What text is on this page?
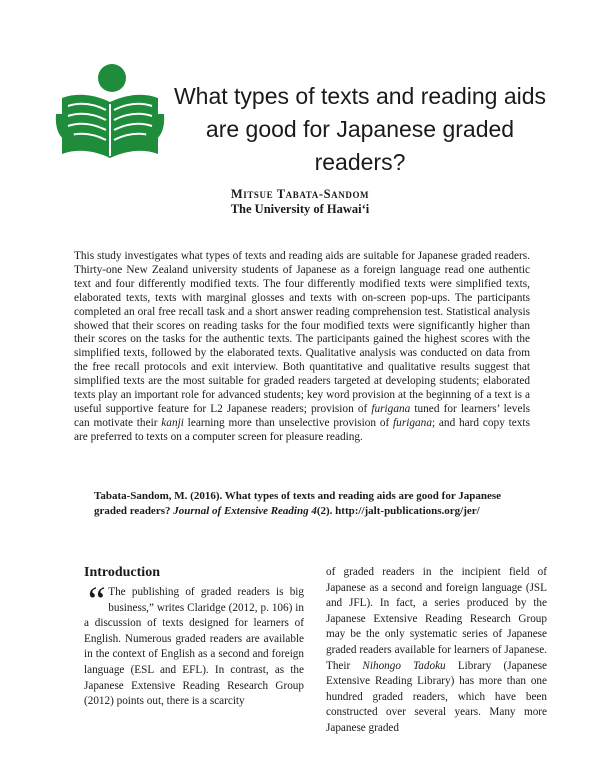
What types of texts and reading aids
are good for Japanese graded readers?
Mitsue Tabata-Sandom
The University of Hawai‘i
This study investigates what types of texts and reading aids are suitable for Japanese graded readers. Thirty-one New Zealand university students of Japanese as a foreign language read one authentic text and four differently modified texts. The four differently modified texts were simplified texts, elaborated texts, texts with marginal glosses and texts with on-screen pop-ups. The participants completed an oral free recall task and a short answer reading comprehension test. Statistical analysis showed that their scores on reading tasks for the four modified texts were significantly higher than their scores on the tasks for the authentic texts. The participants gained the highest scores with the simplified texts, followed by the elaborated texts. Qualitative analysis was conducted on data from the free recall protocols and exit interview. Both quantitative and qualitative results suggest that simplified texts are the most suitable for graded readers targeted at developing students; elaborated texts play an important role for advanced students; key word provision at the beginning of a text is a useful supportive feature for L2 Japanese readers; provision of furigana tuned for learners’ levels can motivate their kanji learning more than unselective provision of furigana; and hard copy texts are preferred to texts on a computer screen for pleasure reading.
Tabata-Sandom, M. (2016). What types of texts and reading aids are good for Japanese graded readers? Journal of Extensive Reading 4(2). http://jalt-publications.org/jer/
Introduction
“ The publishing of graded readers is big business,” writes Claridge (2012, p. 106) in a discussion of texts designed for learners of English. Numerous graded readers are available in the context of English as a second and foreign language (ESL and EFL). In contrast, as the Japanese Extensive Reading Research Group (2012) points out, there is a scarcity
of graded readers in the incipient field of Japanese as a second and foreign language (JSL and JFL). In fact, a series produced by the Japanese Extensive Reading Research Group may be the only systematic series of Japanese graded readers available for learners of Japanese. Their Nihongo Tadoku Library (Japanese Extensive Reading Library) has more than one hundred graded readers, which have been constructed over several years. Many more Japanese graded
